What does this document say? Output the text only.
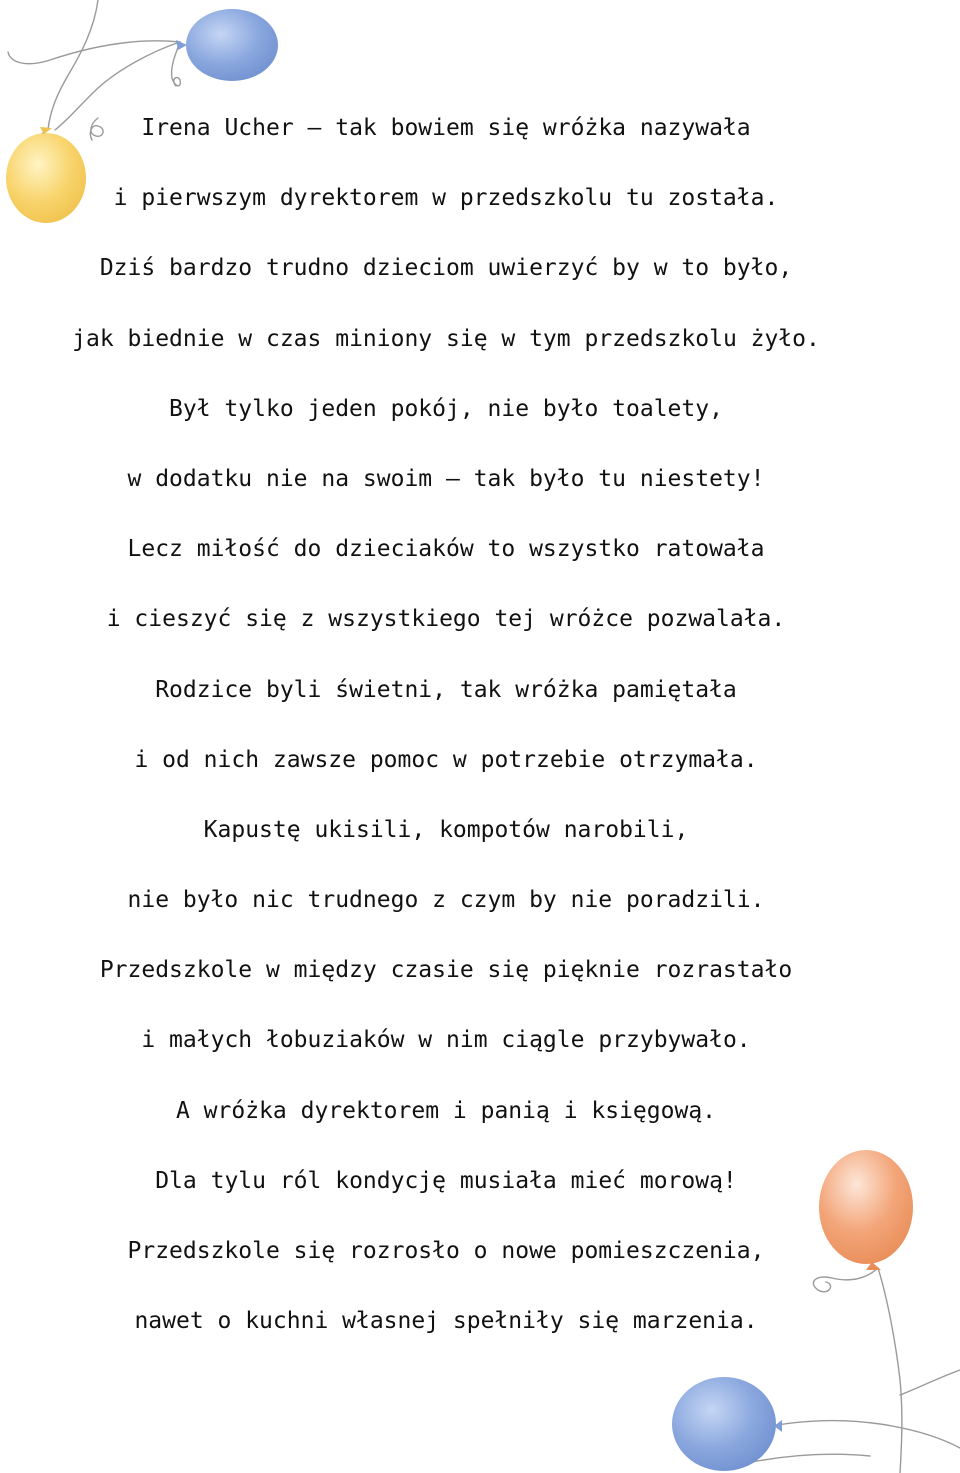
Irena Ucher — tak bowiem się wróżka nazywała
i pierwszym dyrektorem w przedszkolu tu została.
Dziś bardzo trudno dzieciom uwierzyć by w to było,
jak biednie w czas miniony się w tym przedszkolu żyło.
Był tylko jeden pokój, nie było toalety,
w dodatku nie na swoim — tak było tu niestety!
Lecz miłość do dzieciaków to wszystko ratowała
i cieszyć się z wszystkiego tej wróżce pozwalała.
Rodzice byli świetni, tak wróżka pamiętała
i od nich zawsze pomoc w potrzebie otrzymała.
Kapustę ukisili, kompotów narobili,
nie było nic trudnego z czym by nie poradzili.
Przedszkole w między czasie się pięknie rozrastało
i małych łobuziaków w nim ciągle przybywało.
A wróżka dyrektorem i panią i księgową.
Dla tylu ról kondycję musiała mieć morową!
Przedszkole się rozrosło o nowe pomieszczenia,
nawet o kuchni własnej spełniły się marzenia.
